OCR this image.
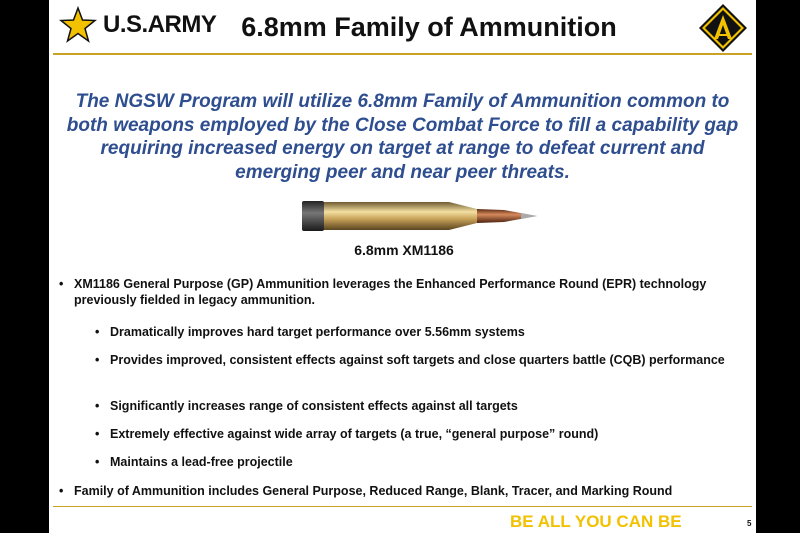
U.S.ARMY 6.8mm Family of Ammunition
The NGSW Program will utilize 6.8mm Family of Ammunition common to both weapons employed by the Close Combat Force to fill a capability gap requiring increased energy on target at range to defeat current and emerging peer and near peer threats.
6.8mm XM1186
• XM1186 General Purpose (GP) Ammunition leverages the Enhanced Performance Round (EPR) technology previously fielded in legacy ammunition.
• Dramatically improves hard target performance over 5.56mm systems
• Provides improved, consistent effects against soft targets and close quarters battle (CQB) performance
• Significantly increases range of consistent effects against all targets
• Extremely effective against wide array of targets (a true, “general purpose” round)
• Maintains a lead-free projectile
• Family of Ammunition includes General Purpose, Reduced Range, Blank, Tracer, and Marking Round
BE ALL YOU CAN BE	5
